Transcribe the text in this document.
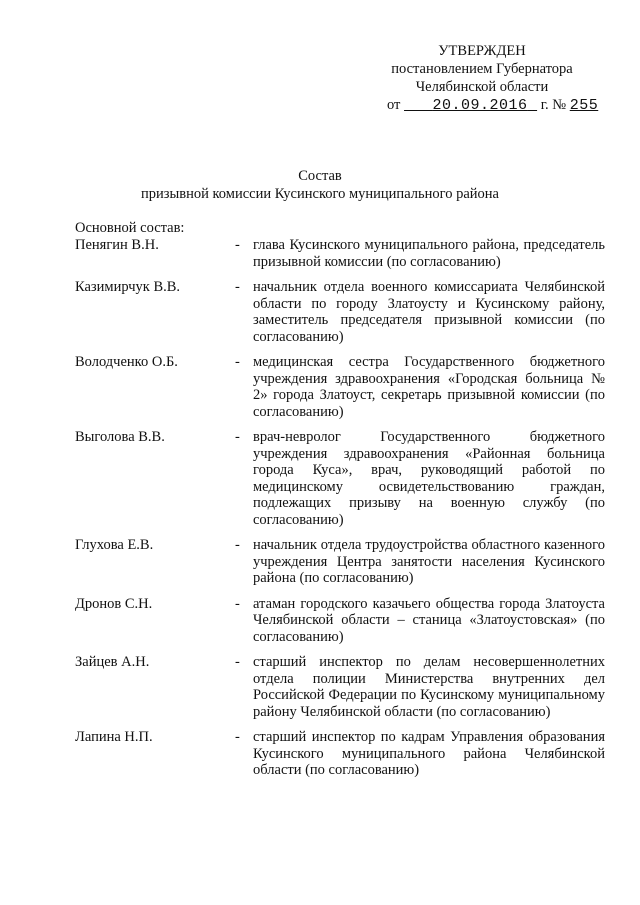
УТВЕРЖДЕН
постановлением Губернатора
Челябинской области
от 20.09.2016 г. № 255
Состав
призывной комиссии Кусинского муниципального района
Основной состав:
Пенягин В.Н.	- глава Кусинского муниципального района, председатель призывной комиссии (по согласованию)
Казимирчук В.В.	- начальник отдела военного комиссариата Челябинской области по городу Златоусту и Кусинскому району, заместитель председателя призывной комиссии (по согласованию)
Володченко О.Б.	- медицинская сестра Государственного бюджетного учреждения здравоохранения «Городская больница № 2» города Златоуст, секретарь призывной комиссии (по согласованию)
Выголова В.В.	- врач-невролог Государственного бюджетного учреждения здравоохранения «Районная больница города Куса», врач, руководящий работой по медицинскому освидетельствованию граждан, подлежащих призыву на военную службу (по согласованию)
Глухова Е.В.	- начальник отдела трудоустройства областного казенного учреждения Центра занятости населения Кусинского района (по согласованию)
Дронов С.Н.	- атаман городского казачьего общества города Златоуста Челябинской области – станица «Златоустовская» (по согласованию)
Зайцев А.Н.	- старший инспектор по делам несовершеннолетних отдела полиции Министерства внутренних дел Российской Федерации по Кусинскому муниципальному району Челябинской области (по согласованию)
Лапина Н.П.	- старший инспектор по кадрам Управления образования Кусинского муниципального района Челябинской области (по согласованию)
